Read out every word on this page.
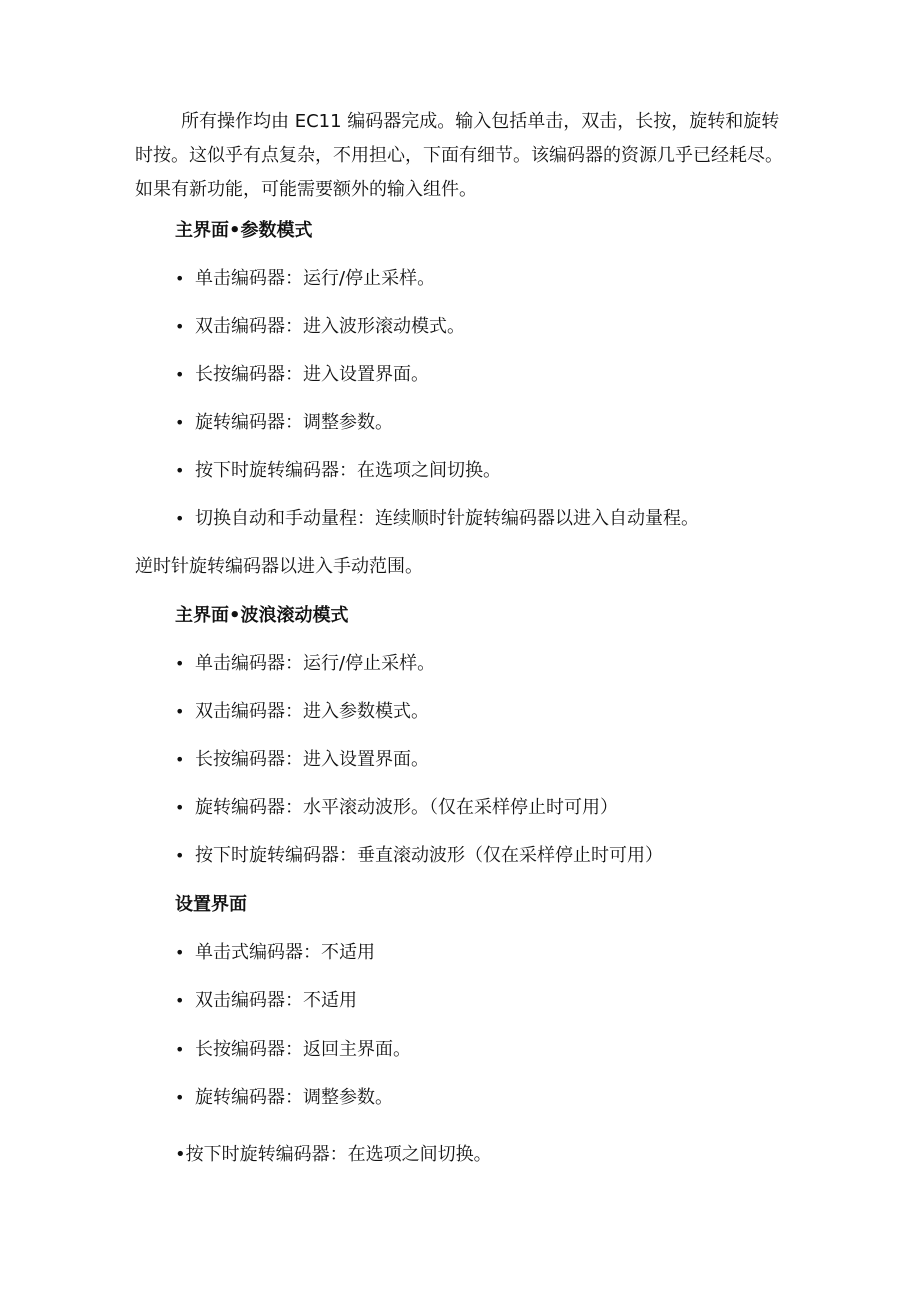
所有操作均由 EC11 编码器完成。输入包括单击，双击，长按，旋转和旋转时按。这似乎有点复杂，不用担心，下面有细节。该编码器的资源几乎已经耗尽。如果有新功能，可能需要额外的输入组件。

主界面•参数模式
• 单击编码器：运行/停止采样。
• 双击编码器：进入波形滚动模式。
• 长按编码器：进入设置界面。
• 旋转编码器：调整参数。
• 按下时旋转编码器：在选项之间切换。
• 切换自动和手动量程：连续顺时针旋转编码器以进入自动量程。
逆时针旋转编码器以进入手动范围。
主界面•波浪滚动模式
• 单击编码器：运行/停止采样。
• 双击编码器：进入参数模式。
• 长按编码器：进入设置界面。
• 旋转编码器：水平滚动波形。（仅在采样停止时可用）
• 按下时旋转编码器：垂直滚动波形（仅在采样停止时可用）
设置界面
• 单击式编码器：不适用
• 双击编码器：不适用
• 长按编码器：返回主界面。
• 旋转编码器：调整参数。
•按下时旋转编码器：在选项之间切换。
